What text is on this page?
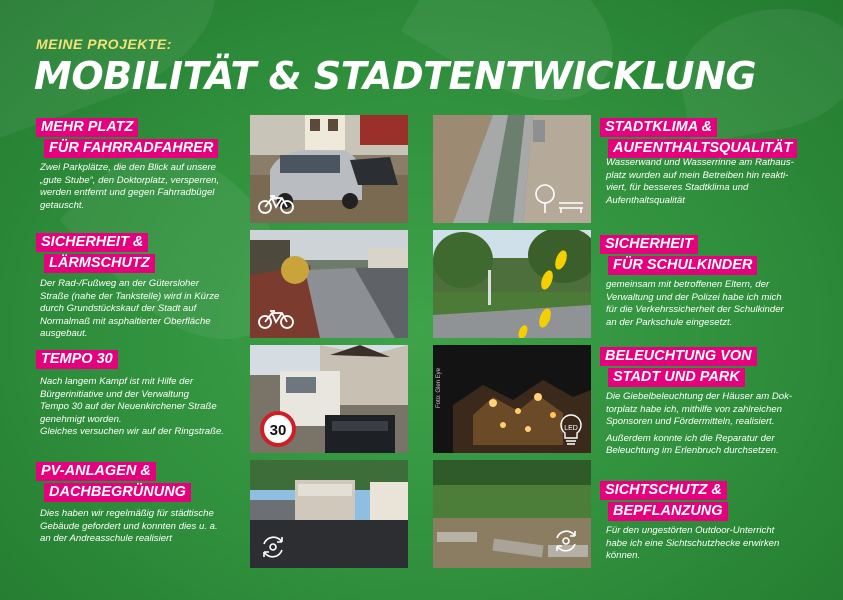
MEINE PROJEKTE:
MOBILITÄT & STADTENTWICKLUNG
MEHR PLATZ
FÜR FAHRRADFAHRER
Zwei Parkplätze, die den Blick auf unsere
„gute Stube“, den Doktorplatz, versperren,
werden entfernt und gegen Fahrradbügel
getauscht.
SICHERHEIT &
LÄRMSCHUTZ
Der Rad-/Fußweg an der Gütersloher
Straße (nahe der Tankstelle) wird in Kürze
durch Grundstückskauf der Stadt auf
Normalmaß mit asphaltierter Oberfläche
ausgebaut.
TEMPO 30
Nach langem Kampf ist mit Hilfe der
Bürgerinitiative und der Verwaltung
Tempo 30 auf der Neuenkirchener Straße
genehmigt worden.
Gleiches versuchen wir auf der Ringstraße.
PV-ANLAGEN &
DACHBEGRÜNUNG
Dies haben wir regelmäßig für städtische
Gebäude gefordert und konnten dies u. a.
an der Andreasschule realisiert
30
Foto: Glen Eye
LED
STADTKLIMA &
AUFENTHALTSQUALITÄT
Wasserwand und Wasserrinne am Rathaus-
platz wurden auf mein Betreiben hin reakti-
viert, für besseres Stadtklima und
Aufenthaltsqualität
SICHERHEIT
FÜR SCHULKINDER
gemeinsam mit betroffenen Eltern, der
Verwaltung und der Polizei habe ich mich
für die Verkehrssicherheit der Schulkinder
an der Parkschule eingesetzt.
BELEUCHTUNG VON
STADT UND PARK
Die Giebelbeleuchtung der Häuser am Dok-
torplatz habe ich, mithilfe von zahlreichen
Sponsoren und Fördermitteln, realisiert.
Außerdem konnte ich die Reparatur der
Beleuchtung im Erlenbruch durchsetzen.
SICHTSCHUTZ &
BEPFLANZUNG
Für den ungestörten Outdoor-Unterricht
habe ich eine Sichtschutzhecke erwirken
können.
